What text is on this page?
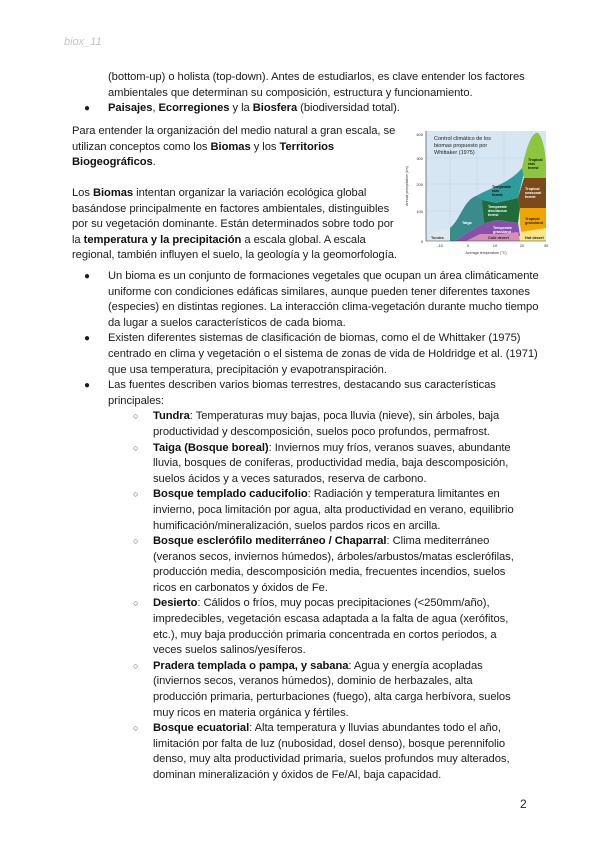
biox_11
(bottom-up) o holista (top-down). Antes de estudiarlos, es clave entender los factores
ambientales que determinan su composición, estructura y funcionamiento.
● Paisajes, Ecorregiones y la Biosfera (biodiversidad total).

Para entender la organización del medio natural a gran escala, se utilizan conceptos como los Biomas y los Territorios Biogeográficos.

Los Biomas intentan organizar la variación ecológica global basándose principalmente en factores ambientales, distinguibles por su vegetación dominante. Están determinados sobre todo por la temperatura y la precipitación a escala global. A escala regional, también influyen el suelo, la geología y la geomorfología.

Control climático de los
biomas propuesto por
Whittaker (1975)
Tundra
Taiga
Temperate
rain
forest
Temperate
deciduous
forest
Temperate
grassland
Cold desert
Tropical
rain
forest
Tropical
seasonal
forest
Tropical
grassland
Hot desert
0
100
200
300
400
-10	0	10	20	30
Average temperature (°C)
Annual precipitation (cm)
● Un bioma es un conjunto de formaciones vegetales que ocupan un área climáticamente uniforme con condiciones edáficas similares, aunque pueden tener diferentes taxones (especies) en distintas regiones. La interacción clima-vegetación durante mucho tiempo da lugar a suelos característicos de cada bioma.
● Existen diferentes sistemas de clasificación de biomas, como el de Whittaker (1975) centrado en clima y vegetación o el sistema de zonas de vida de Holdridge et al. (1971) que usa temperatura, precipitación y evapotranspiración.
● Las fuentes describen varios biomas terrestres, destacando sus características principales:
○ Tundra: Temperaturas muy bajas, poca lluvia (nieve), sin árboles, baja productividad y descomposición, suelos poco profundos, permafrost.
○ Taiga (Bosque boreal): Inviernos muy fríos, veranos suaves, abundante lluvia, bosques de coníferas, productividad media, baja descomposición, suelos ácidos y a veces saturados, reserva de carbono.
○ Bosque templado caducifolio: Radiación y temperatura limitantes en invierno, poca limitación por agua, alta productividad en verano, equilibrio humificación/mineralización, suelos pardos ricos en arcilla.
○ Bosque esclerófilo mediterráneo / Chaparral: Clima mediterráneo (veranos secos, inviernos húmedos), árboles/arbustos/matas esclerófilas, producción media, descomposición media, frecuentes incendios, suelos ricos en carbonatos y óxidos de Fe.
○ Desierto: Cálidos o fríos, muy pocas precipitaciones (<250mm/año), impredecibles, vegetación escasa adaptada a la falta de agua (xerófitos, etc.), muy baja producción primaria concentrada en cortos periodos, a veces suelos salinos/yesíferos.
○ Pradera templada o pampa, y sabana: Agua y energía acopladas (inviernos secos, veranos húmedos), dominio de herbazales, alta producción primaria, perturbaciones (fuego), alta carga herbívora, suelos muy ricos en materia orgánica y fértiles.
○ Bosque ecuatorial: Alta temperatura y lluvias abundantes todo el año, limitación por falta de luz (nubosidad, dosel denso), bosque perennifolio denso, muy alta productividad primaria, suelos profundos muy alterados, dominan mineralización y óxidos de Fe/Al, baja capacidad.
2
